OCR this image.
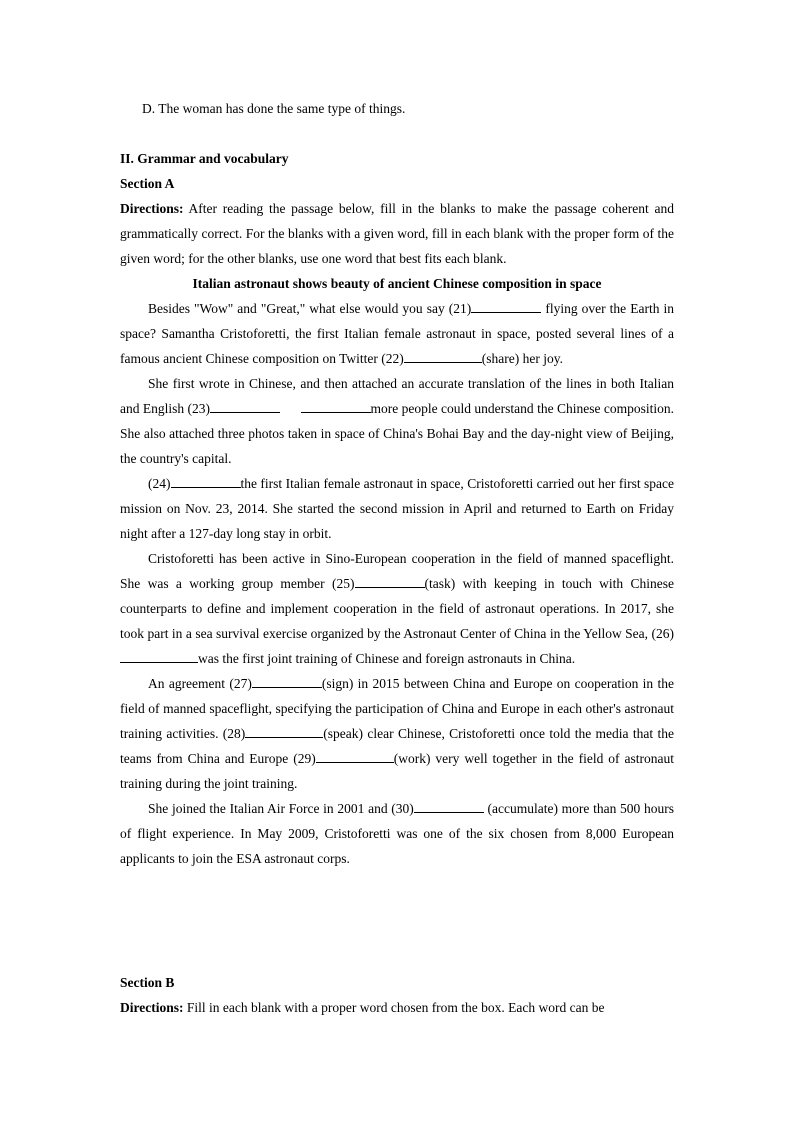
D. The woman has done the same type of things.

II. Grammar and vocabulary

Section A

Directions: After reading the passage below, fill in the blanks to make the passage coherent and grammatically correct. For the blanks with a given word, fill in each blank with the proper form of the given word; for the other blanks, use one word that best fits each blank.

Italian astronaut shows beauty of ancient Chinese composition in space

Besides "Wow" and "Great," what else would you say (21)	flying over the Earth in space? Samantha Cristoforetti, the first Italian female astronaut in space, posted several lines of a famous ancient Chinese composition on Twitter (22)	(share) her joy.

She first wrote in Chinese, and then attached an accurate translation of the lines in both Italian and English (23)	more people could understand the Chinese composition. She also attached three photos taken in space of China's Bohai Bay and the day-night view of Beijing, the country's capital.

(24)	the first Italian female astronaut in space, Cristoforetti carried out her first space mission on Nov. 23, 2014. She started the second mission in April and returned to Earth on Friday night after a 127-day long stay in orbit.

Cristoforetti has been active in Sino-European cooperation in the field of manned spaceflight. She was a working group member (25)	(task) with keeping in touch with Chinese counterparts to define and implement cooperation in the field of astronaut operations. In 2017, she took part in a sea survival exercise organized by the Astronaut Center of China in the Yellow Sea, (26)was the first joint training of Chinese and foreign astronauts in China.

An agreement (27)	(sign) in 2015 between China and Europe on cooperation in the field of manned spaceflight, specifying the participation of China and Europe in each other's astronaut training activities. (28)	(speak) clear Chinese, Cristoforetti once told the media that the teams from China and Europe (29)	(work) very well together in the field of astronaut training during the joint training.

She joined the Italian Air Force in 2001 and (30)	(accumulate) more than 500 hours of flight experience. In May 2009, Cristoforetti was one of the six chosen from 8,000 European applicants to join the ESA astronaut corps.

Section B

Directions: Fill in each blank with a proper word chosen from the box. Each word can be
